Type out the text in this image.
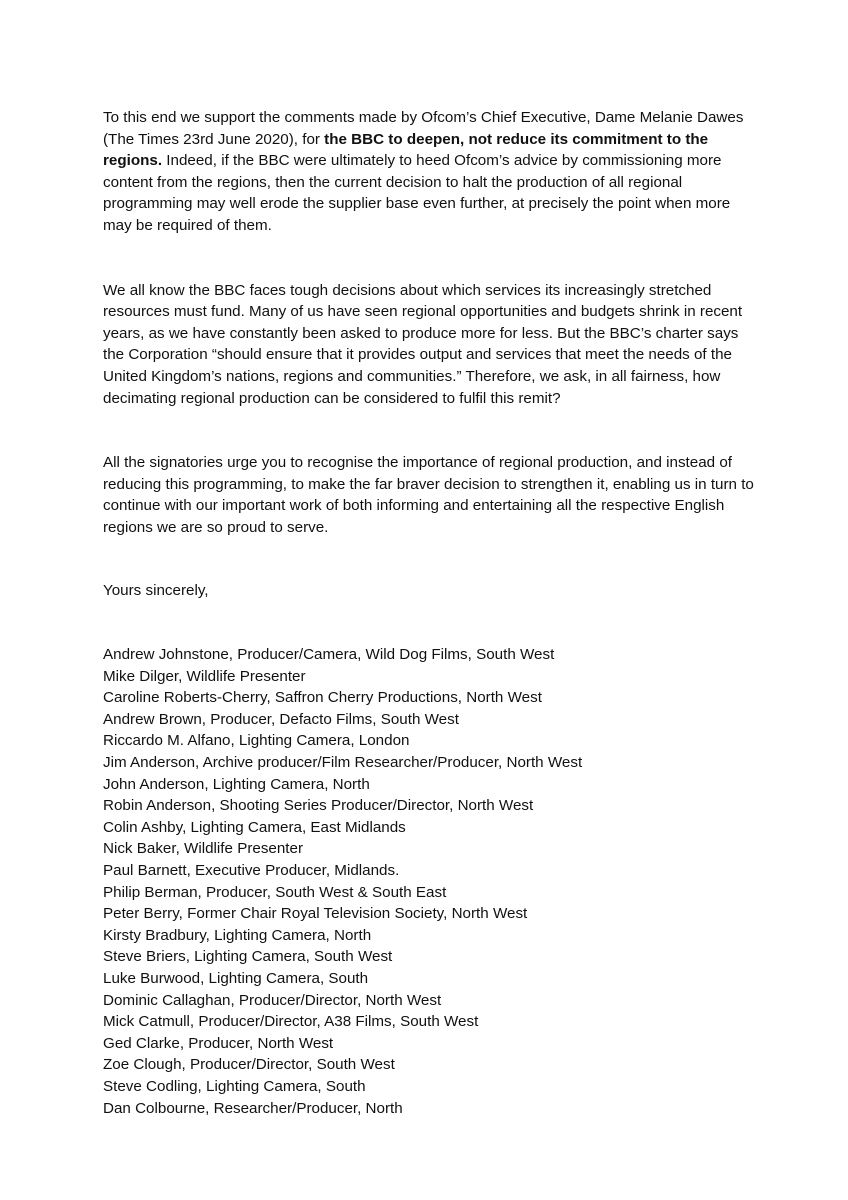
To this end we support the comments made by Ofcom’s Chief Executive, Dame Melanie Dawes (The Times 23rd June 2020), for the BBC to deepen, not reduce its commitment to the regions. Indeed, if the BBC were ultimately to heed Ofcom’s advice by commissioning more content from the regions, then the current decision to halt the production of all regional programming may well erode the supplier base even further, at precisely the point when more may be required of them.

We all know the BBC faces tough decisions about which services its increasingly stretched resources must fund. Many of us have seen regional opportunities and budgets shrink in recent years, as we have constantly been asked to produce more for less. But the BBC’s charter says the Corporation “should ensure that it provides output and services that meet the needs of the United Kingdom’s nations, regions and communities.” Therefore, we ask, in all fairness, how decimating regional production can be considered to fulfil this remit?

All the signatories urge you to recognise the importance of regional production, and instead of reducing this programming, to make the far braver decision to strengthen it, enabling us in turn to continue with our important work of both informing and entertaining all the respective English regions we are so proud to serve.

Yours sincerely,

Andrew Johnstone, Producer/Camera, Wild Dog Films, South West
Mike Dilger, Wildlife Presenter
Caroline Roberts-Cherry, Saffron Cherry Productions, North West
Andrew Brown, Producer, Defacto Films, South West
Riccardo M. Alfano, Lighting Camera, London
Jim Anderson, Archive producer/Film Researcher/Producer, North West
John Anderson, Lighting Camera, North
Robin Anderson, Shooting Series Producer/Director, North West
Colin Ashby, Lighting Camera, East Midlands
Nick Baker, Wildlife Presenter
Paul Barnett, Executive Producer, Midlands.
Philip Berman, Producer, South West & South East
Peter Berry, Former Chair Royal Television Society, North West
Kirsty Bradbury, Lighting Camera, North
Steve Briers, Lighting Camera, South West
Luke Burwood, Lighting Camera, South
Dominic Callaghan, Producer/Director, North West
Mick Catmull, Producer/Director, A38 Films, South West
Ged Clarke, Producer, North West
Zoe Clough, Producer/Director, South West
Steve Codling, Lighting Camera, South
Dan Colbourne, Researcher/Producer, North
